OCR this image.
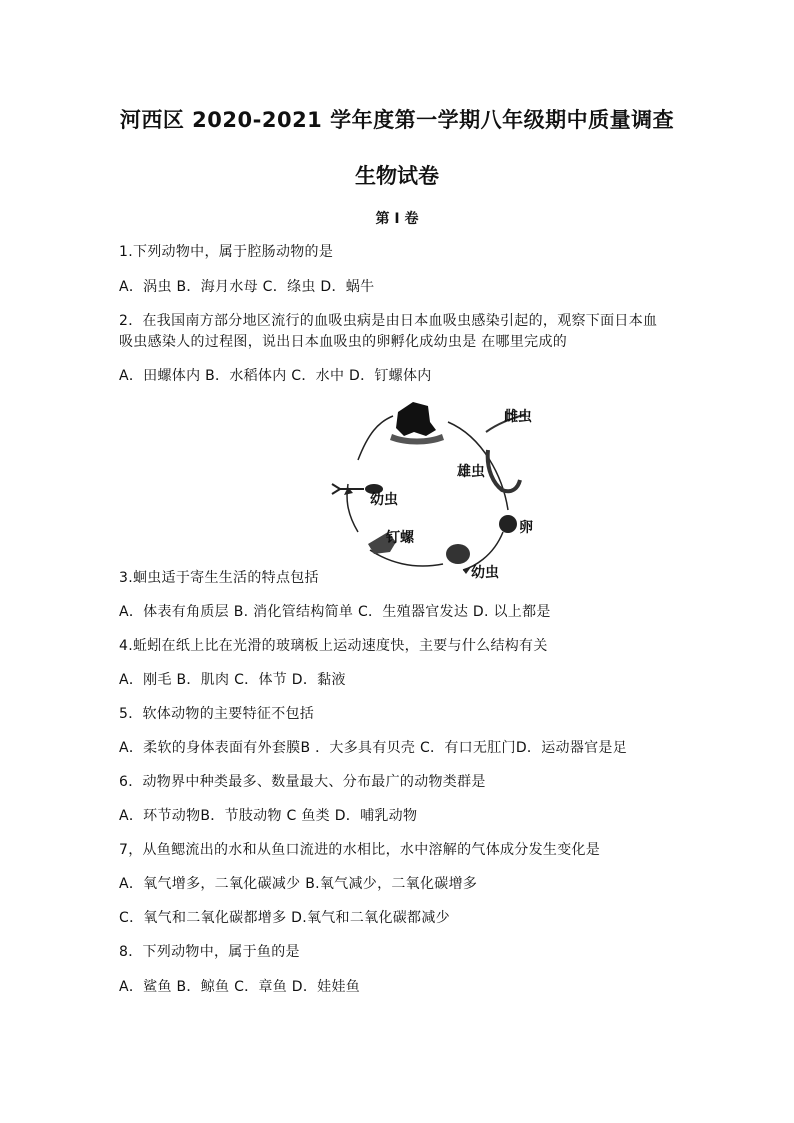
河西区 2020-2021 学年度第一学期八年级期中质量调查
生物试卷
第 I 卷
1.下列动物中，属于腔肠动物的是
A．涡虫 B．海月水母 C．绦虫 D．蜗牛
2．在我国南方部分地区流行的血吸虫病是由日本血吸虫感染引起的，观察下面日本血
吸虫感染人的过程图，说出日本血吸虫的卵孵化成幼虫是 在哪里完成的
A．田螺体内 B．水稻体内 C．水中 D．钉螺体内
雌虫
雄虫
卵
幼虫
钉螺
幼虫
3.蛔虫适于寄生生活的特点包括
A．体表有角质层 B. 消化管结构简单 C．生殖器官发达 D. 以上都是
4.蚯蚓在纸上比在光滑的玻璃板上运动速度快，主要与什么结构有关
A．刚毛 B．肌肉 C．体节 D．黏液
5．软体动物的主要特征不包括
A．柔软的身体表面有外套膜B ．大多具有贝壳 C．有口无肛门D．运动器官是足
6．动物界中种类最多、数量最大、分布最广的动物类群是
A．环节动物B．节肢动物 C 鱼类 D．哺乳动物
7，从鱼鳃流出的水和从鱼口流进的水相比，水中溶解的气体成分发生变化是
A．氧气增多，二氧化碳减少 B.氧气减少，二氧化碳增多
C．氧气和二氧化碳都增多 D.氧气和二氧化碳都减少
8．下列动物中，属于鱼的是
A．鲨鱼 B．鲸鱼 C．章鱼 D．娃娃鱼
